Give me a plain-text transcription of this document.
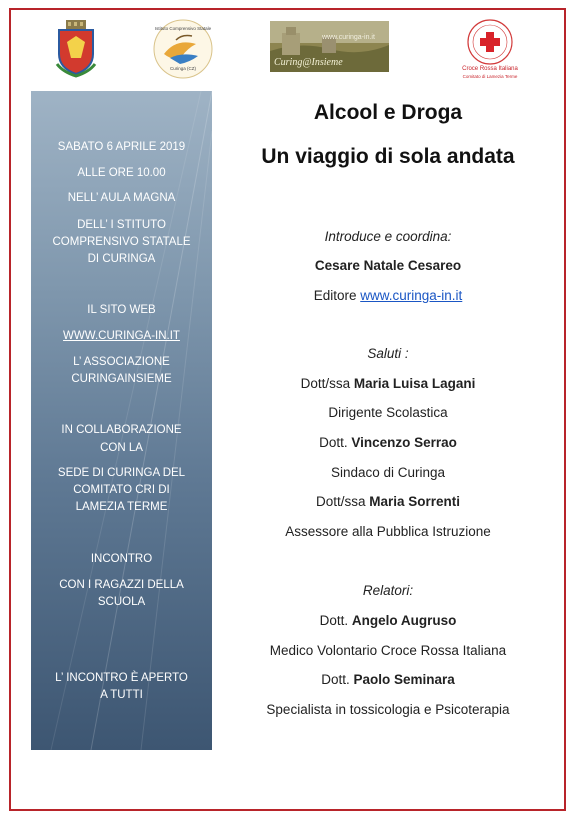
Istituto Comprensivo Statale
Curinga (CZ)
www.curinga-in.it
Curing@Insieme
Croce Rossa Italiana
Comitato di Lamezia Terme
SABATO 6 APRILE 2019
ALLE ORE 10.00
NELL’ AULA MAGNA
DELL’ I STITUTO
COMPRENSIVO STATALE
DI CURINGA
IL SITO WEB
WWW.CURINGA-IN.IT
L’ ASSOCIAZIONE
CURINGAINSIEME
IN COLLABORAZIONE
CON LA
SEDE DI CURINGA DEL
COMITATO CRI DI
LAMEZIA TERME
INCONTRO
CON I RAGAZZI DELLA
SCUOLA
L’ INCONTRO È APERTO
A TUTTI
Alcool e Droga
Un viaggio di sola andata
Introduce e coordina:
Cesare Natale Cesareo
Editore www.curinga-in.it
Saluti :
Dott/ssa Maria Luisa Lagani
Dirigente Scolastica
Dott. Vincenzo Serrao
Sindaco di Curinga
Dott/ssa Maria Sorrenti
Assessore alla Pubblica Istruzione
Relatori:
Dott. Angelo Augruso
Medico Volontario Croce Rossa Italiana
Dott. Paolo Seminara
Specialista in tossicologia e Psicoterapia
